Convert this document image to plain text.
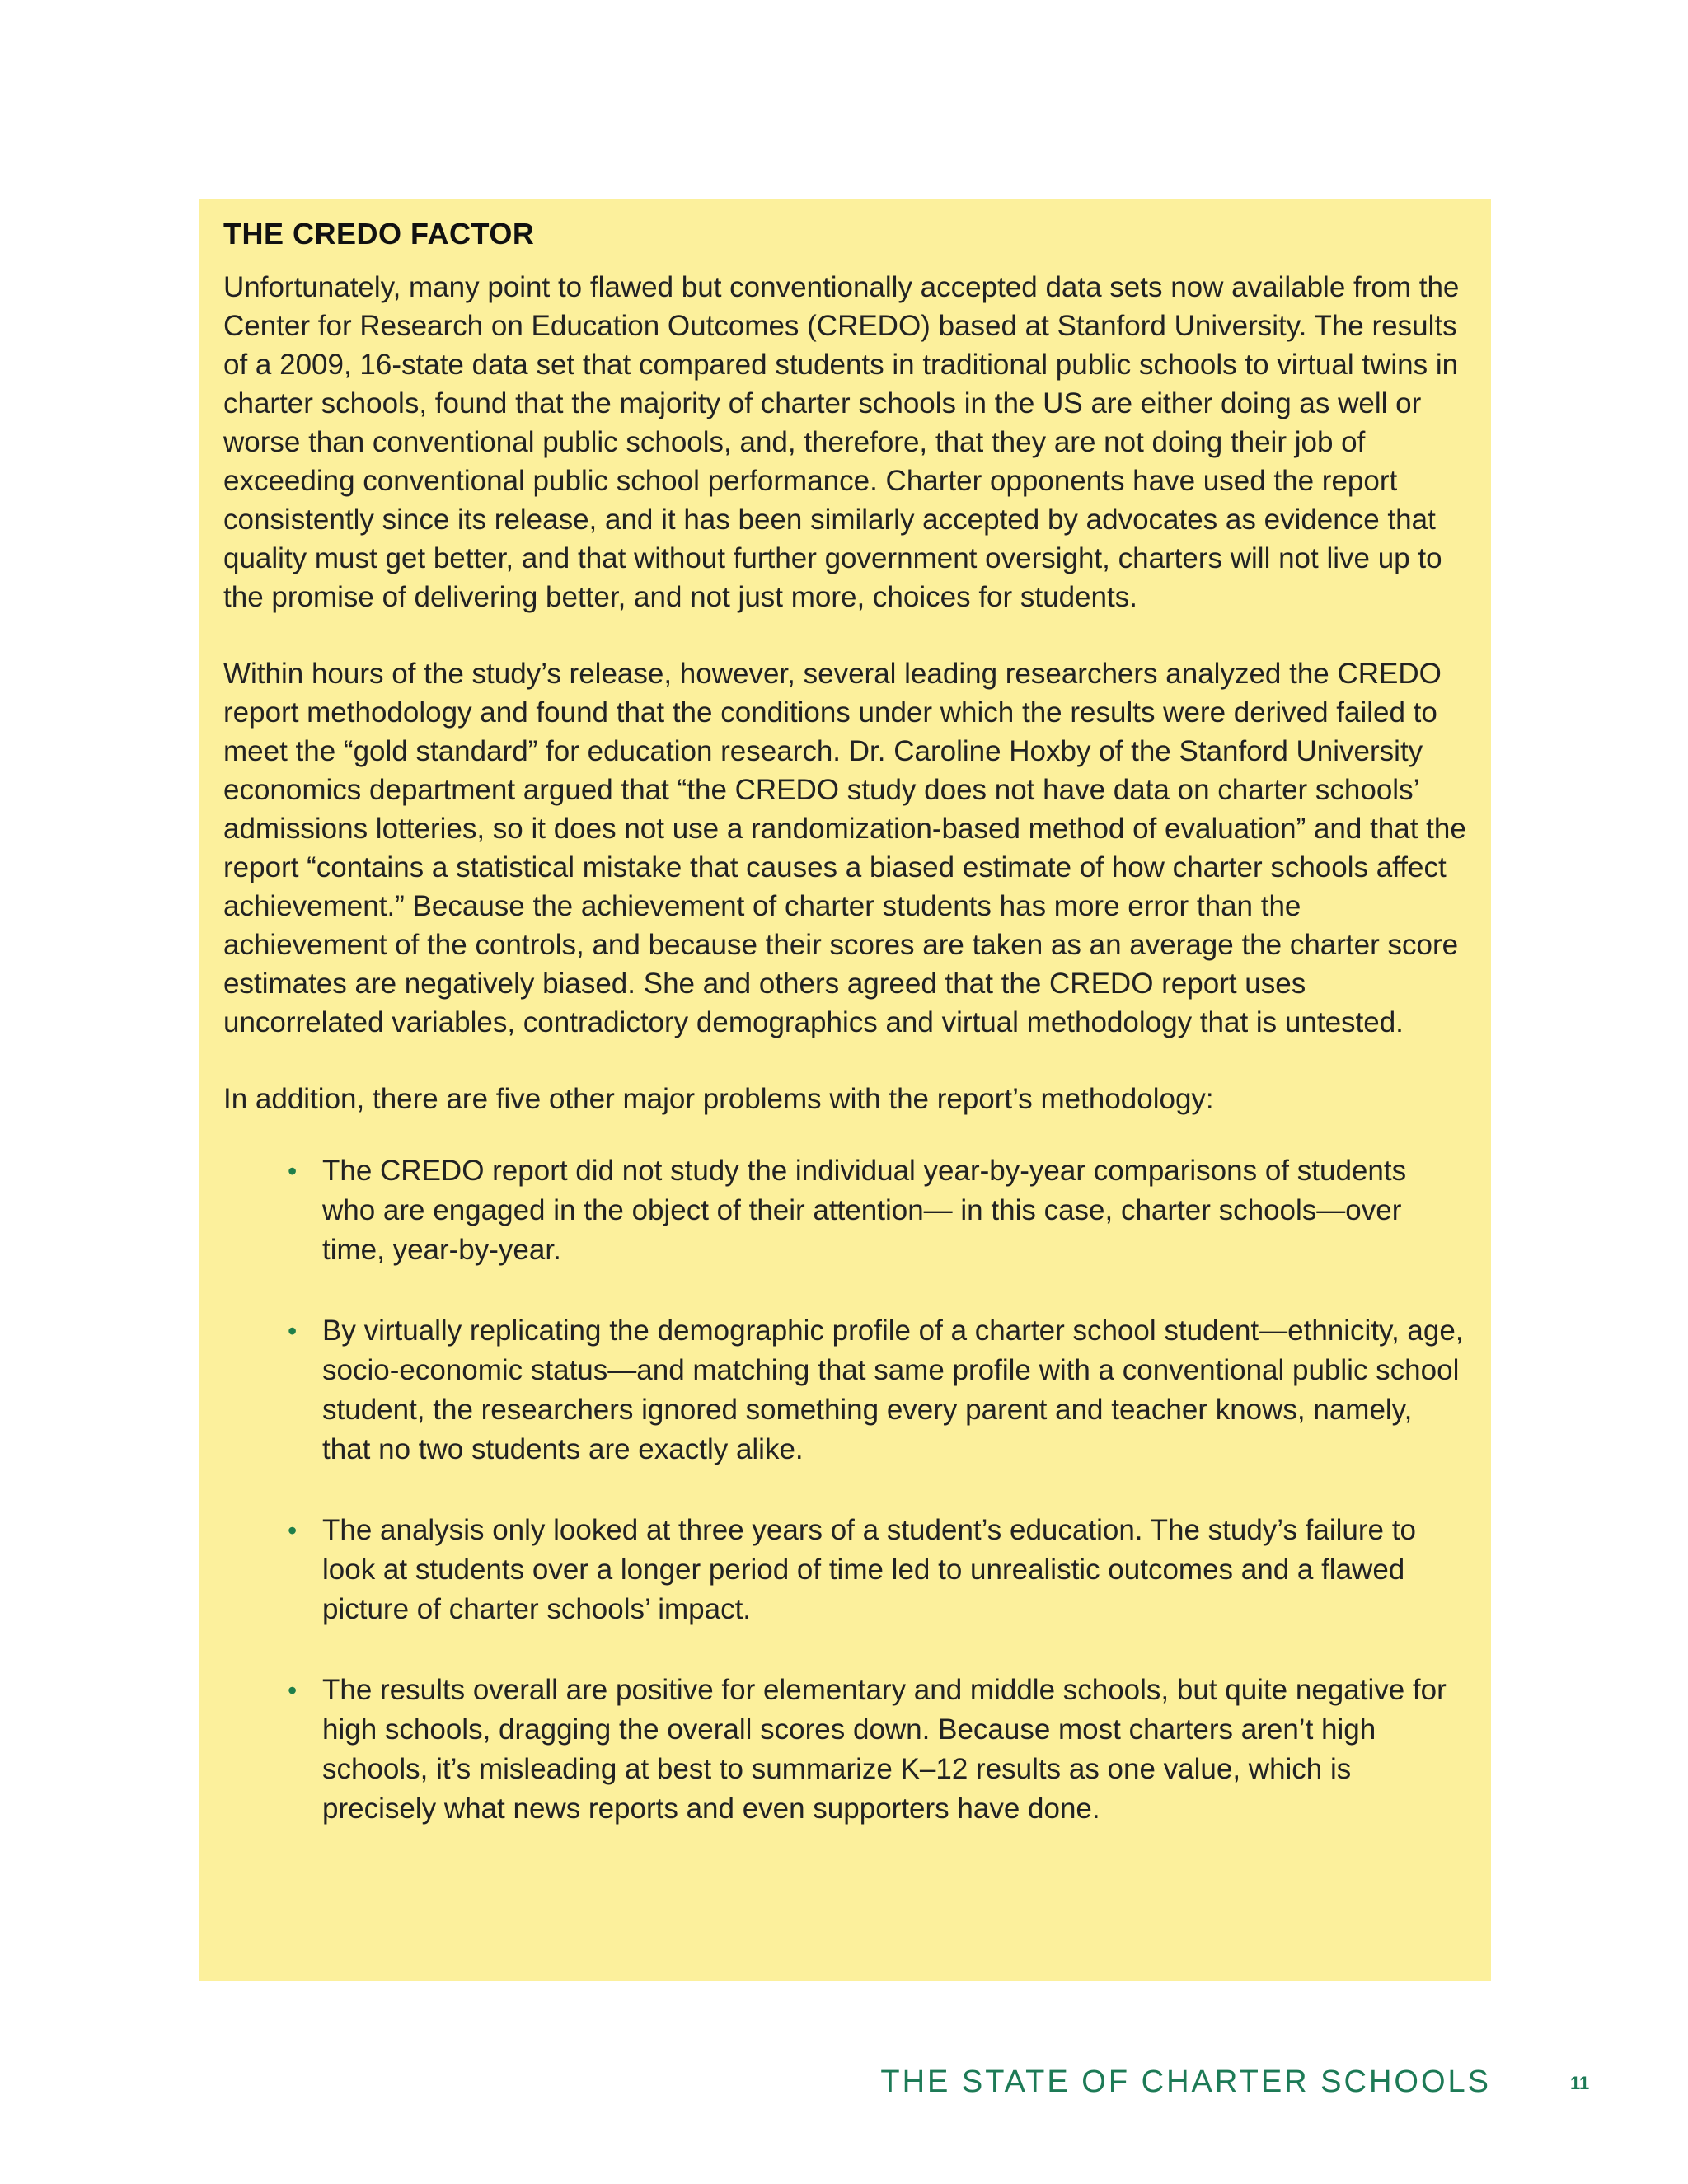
THE CREDO FACTOR

Unfortunately, many point to flawed but conventionally accepted data sets now available from the Center for Research on Education Outcomes (CREDO) based at Stanford University. The results of a 2009, 16-state data set that compared students in traditional public schools to virtual twins in charter schools, found that the majority of charter schools in the US are either doing as well or worse than conventional public schools, and, therefore, that they are not doing their job of exceeding conventional public school performance. Charter opponents have used the report consistently since its release, and it has been similarly accepted by advocates as evidence that quality must get better, and that without further government oversight, charters will not live up to the promise of delivering better, and not just more, choices for students.

Within hours of the study’s release, however, several leading researchers analyzed the CREDO report methodology and found that the conditions under which the results were derived failed to meet the “gold standard” for education research. Dr. Caroline Hoxby of the Stanford University economics department argued that “the CREDO study does not have data on charter schools’ admissions lotteries, so it does not use a randomization-based method of evaluation” and that the report “contains a statistical mistake that causes a biased estimate of how charter schools affect achievement.” Because the achievement of charter students has more error than the achievement of the controls, and because their scores are taken as an average the charter score estimates are negatively biased. She and others agreed that the CREDO report uses uncorrelated variables, contradictory demographics and virtual methodology that is untested.

In addition, there are five other major problems with the report’s methodology:

• The CREDO report did not study the individual year-by-year comparisons of students who are engaged in the object of their attention— in this case, charter schools—over time, year-by-year.
• By virtually replicating the demographic profile of a charter school student—ethnicity, age, socio-economic status—and matching that same profile with a conventional public school student, the researchers ignored something every parent and teacher knows, namely, that no two students are exactly alike.
• The analysis only looked at three years of a student’s education. The study’s failure to look at students over a longer period of time led to unrealistic outcomes and a flawed picture of charter schools’ impact.
• The results overall are positive for elementary and middle schools, but quite negative for high schools, dragging the overall scores down. Because most charters aren’t high schools, it’s misleading at best to summarize K–12 results as one value, which is precisely what news reports and even supporters have done.
THE STATE OF CHARTER SCHOOLS	11
